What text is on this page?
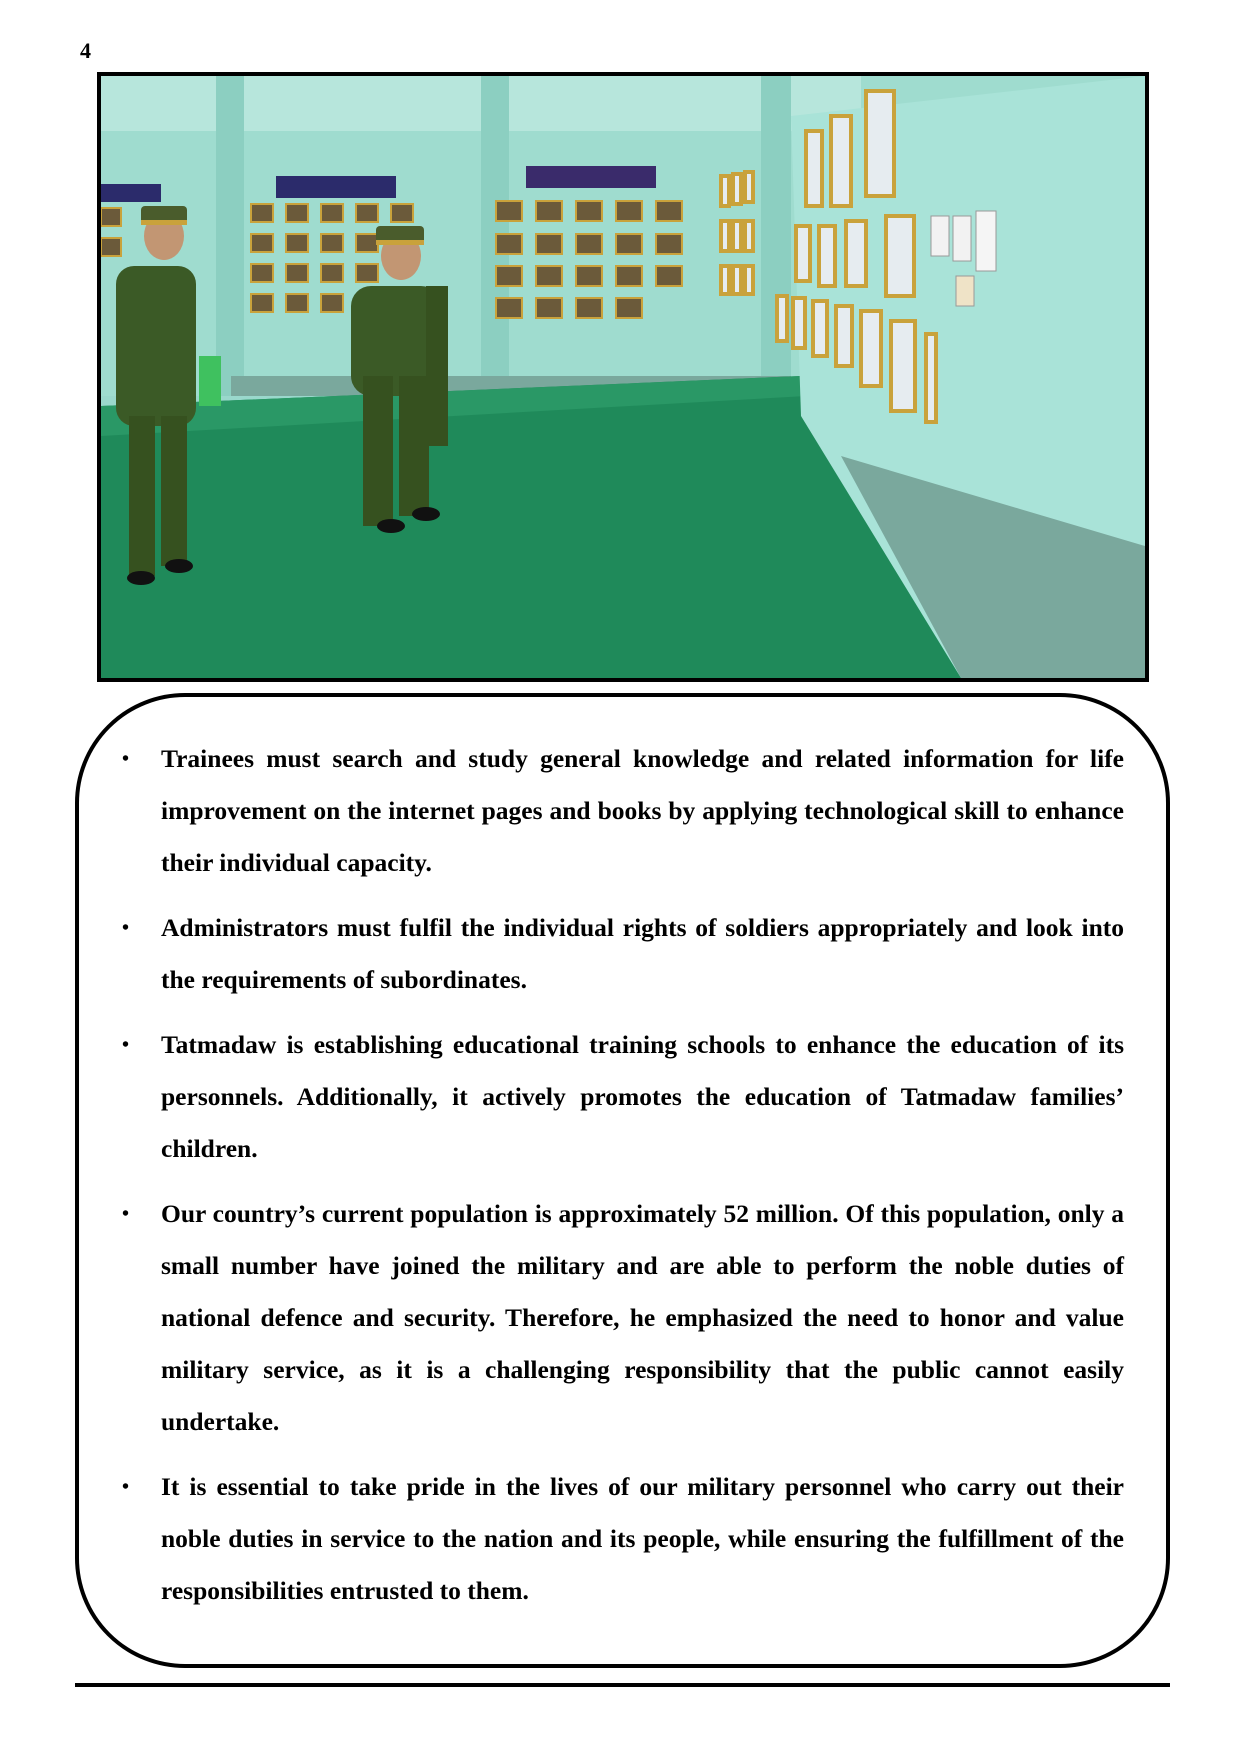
4
• Trainees must search and study general knowledge and related information for life improvement on the internet pages and books by applying technological skill to enhance their individual capacity.
• Administrators must fulfil the individual rights of soldiers appropriately and look into the requirements of subordinates.
• Tatmadaw is establishing educational training schools to enhance the education of its personnels. Additionally, it actively promotes the education of Tatmadaw families’ children.
• Our country’s current population is approximately 52 million. Of this population, only a small number have joined the military and are able to perform the noble duties of national defence and security. Therefore, he emphasized the need to honor and value military service, as it is a challenging responsibility that the public cannot easily undertake.
• It is essential to take pride in the lives of our military personnel who carry out their noble duties in service to the nation and its people, while ensuring the fulfillment of the responsibilities entrusted to them.
